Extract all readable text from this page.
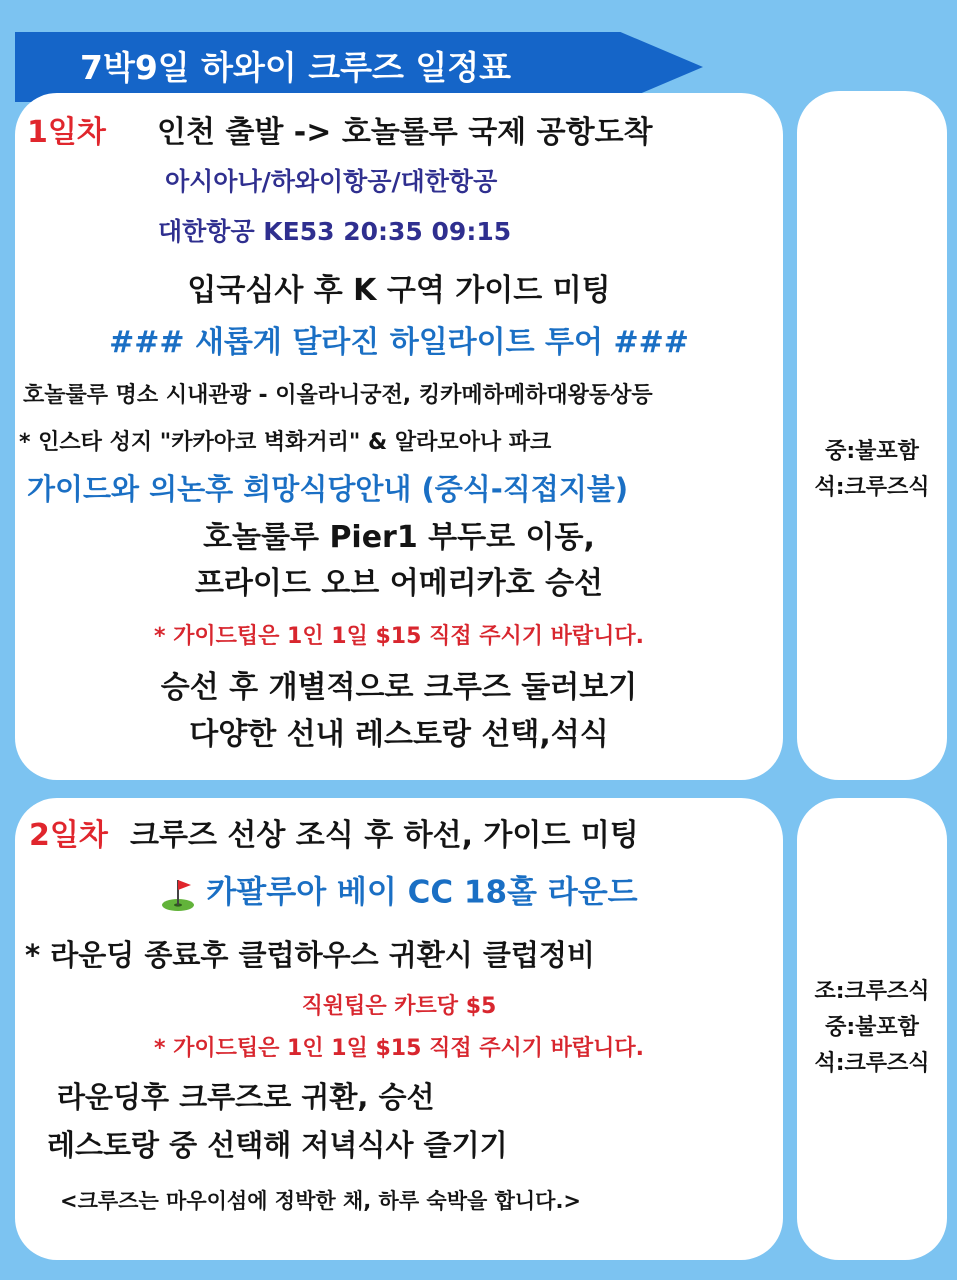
7박9일 하와이 크루즈 일정표
1일차 인천 출발 -> 호놀롤루 국제 공항도착
아시아나/하와이항공/대한항공
대한항공 KE53 20:35 09:15
입국심사 후 K 구역 가이드 미팅
### 새롭게 달라진 하일라이트 투어 ###
호놀룰루 명소 시내관광 - 이올라니궁전, 킹카메하메하대왕동상등
* 인스타 성지 "카카아코 벽화거리" & 알라모아나 파크
가이드와 의논후 희망식당안내 (중식-직접지불)
호놀룰루 Pier1 부두로 이동,
프라이드 오브 어메리카호 승선
* 가이드팁은 1인 1일 $15 직접 주시기 바랍니다.
승선 후 개별적으로 크루즈 둘러보기
다양한 선내 레스토랑 선택,석식
중:불포함
석:크루즈식
2일차 크루즈 선상 조식 후 하선, 가이드 미팅
카팔루아 베이 CC 18홀 라운드
* 라운딩 종료후 클럽하우스 귀환시 클럽정비
직원팁은 카트당 $5
* 가이드팁은 1인 1일 $15 직접 주시기 바랍니다.
라운딩후 크루즈로 귀환, 승선
레스토랑 중 선택해 저녁식사 즐기기
<크루즈는 마우이섬에 정박한 채, 하루 숙박을 합니다.>
조:크루즈식
중:불포함
석:크루즈식
